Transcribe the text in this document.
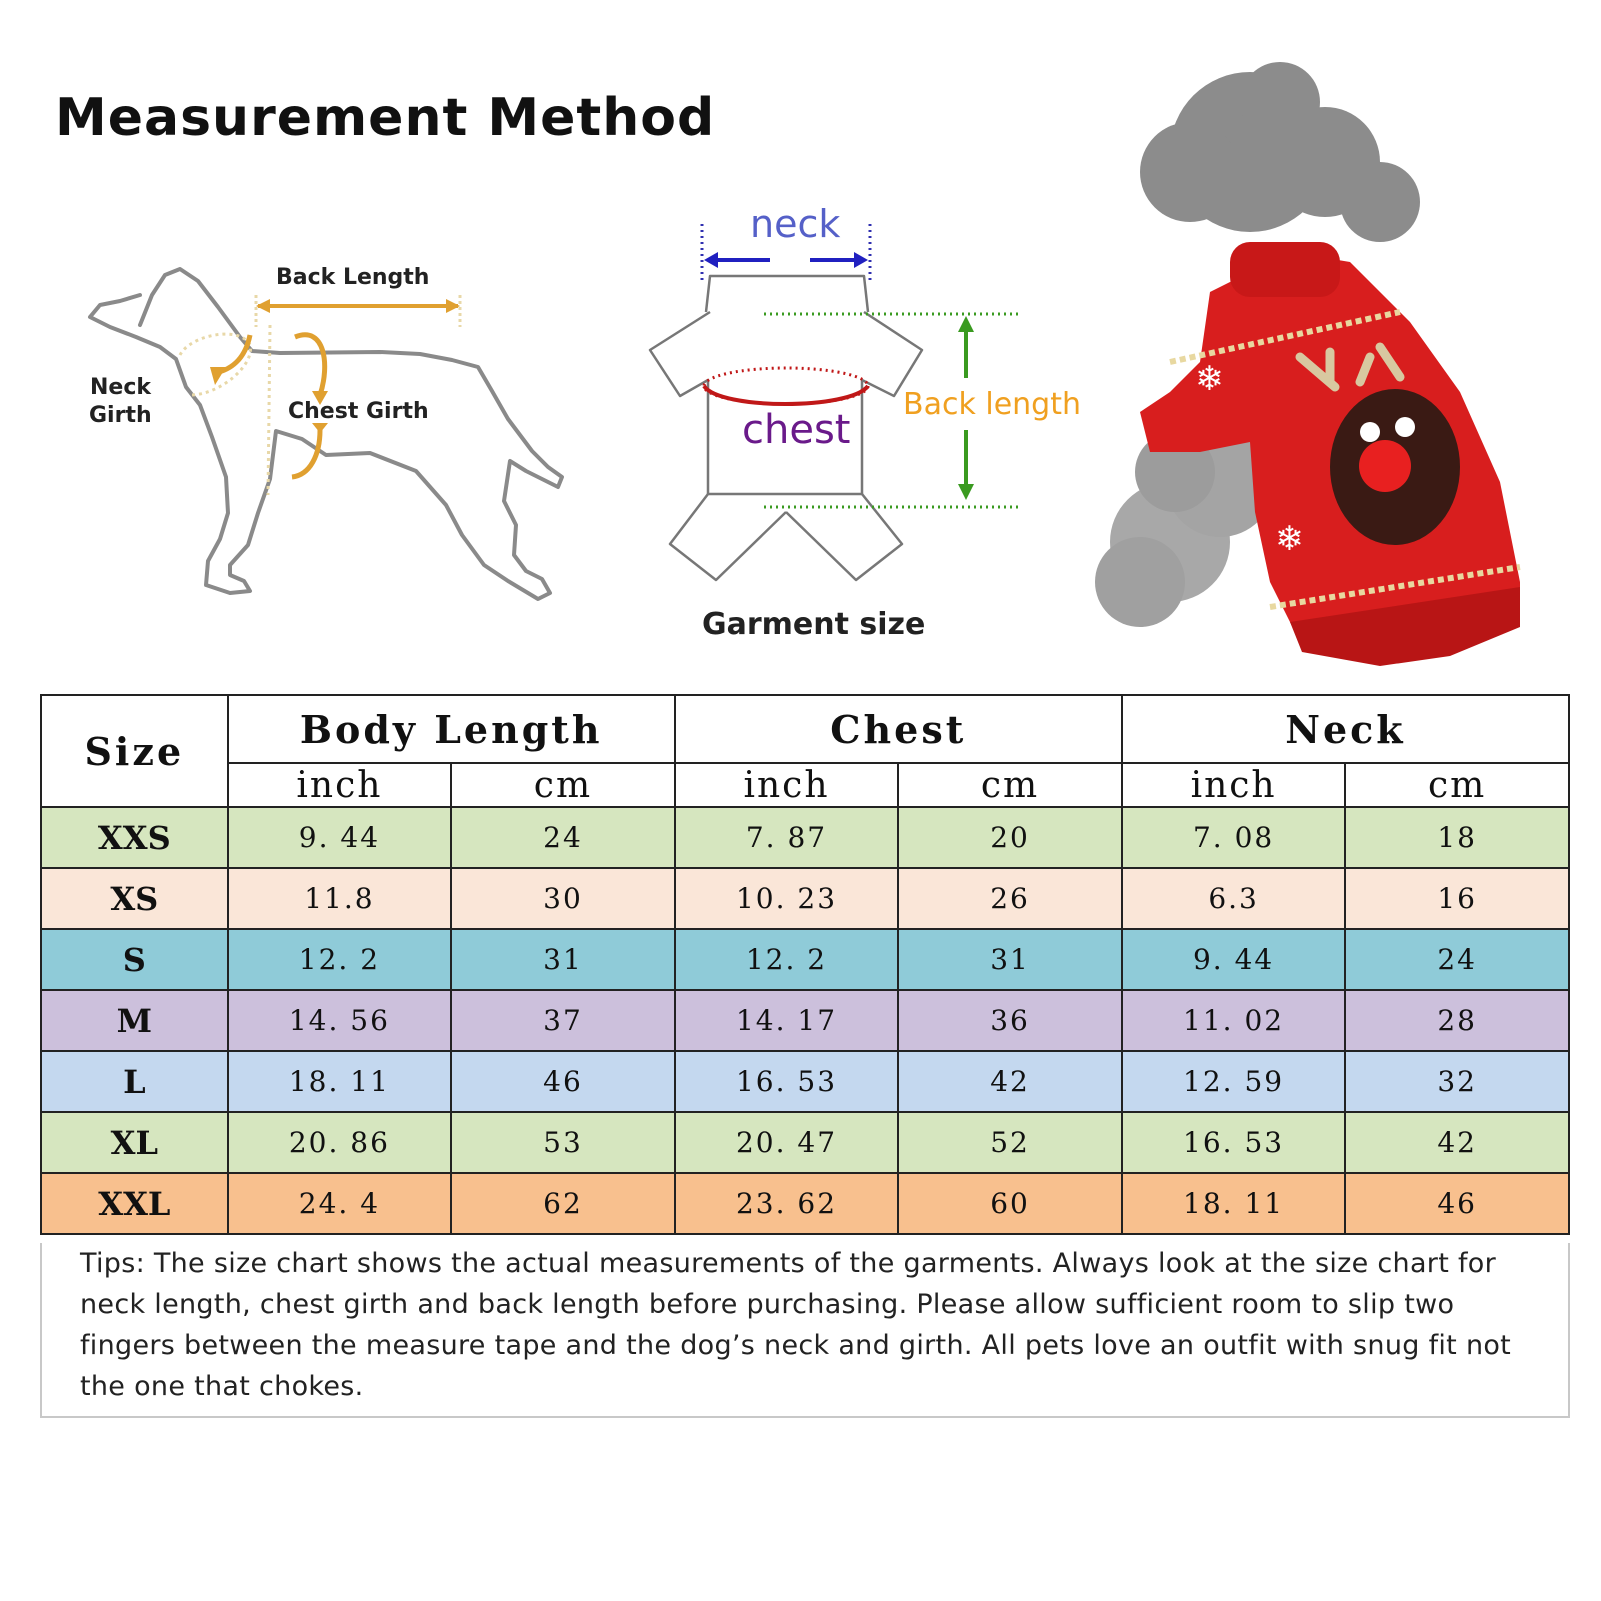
Measurement Method
Back Length
Neck
Girth	Chest Girth
neck
chest
Back length
Garment size
❄
❄
Size	Body Length		Chest		Neck	
	inch	cm	inch	cm	inch	cm
XXS	9. 44	24	7. 87	20	7. 08	18
XS	11.8	30	10. 23	26	6.3	16
S	12. 2	31	12. 2	31	9. 44	24
M	14. 56	37	14. 17	36	11. 02	28
L	18. 11	46	16. 53	42	12. 59	32
XL	20. 86	53	20. 47	52	16. 53	42
XXL	24. 4	62	23. 62	60	18. 11	46
Tips: The size chart shows the actual measurements of the garments. Always look at the size chart for neck length, chest girth and back length before purchasing. Please allow sufficient room to slip two fingers between the measure tape and the dog’s neck and girth. All pets love an outfit with snug fit not the one that chokes.
